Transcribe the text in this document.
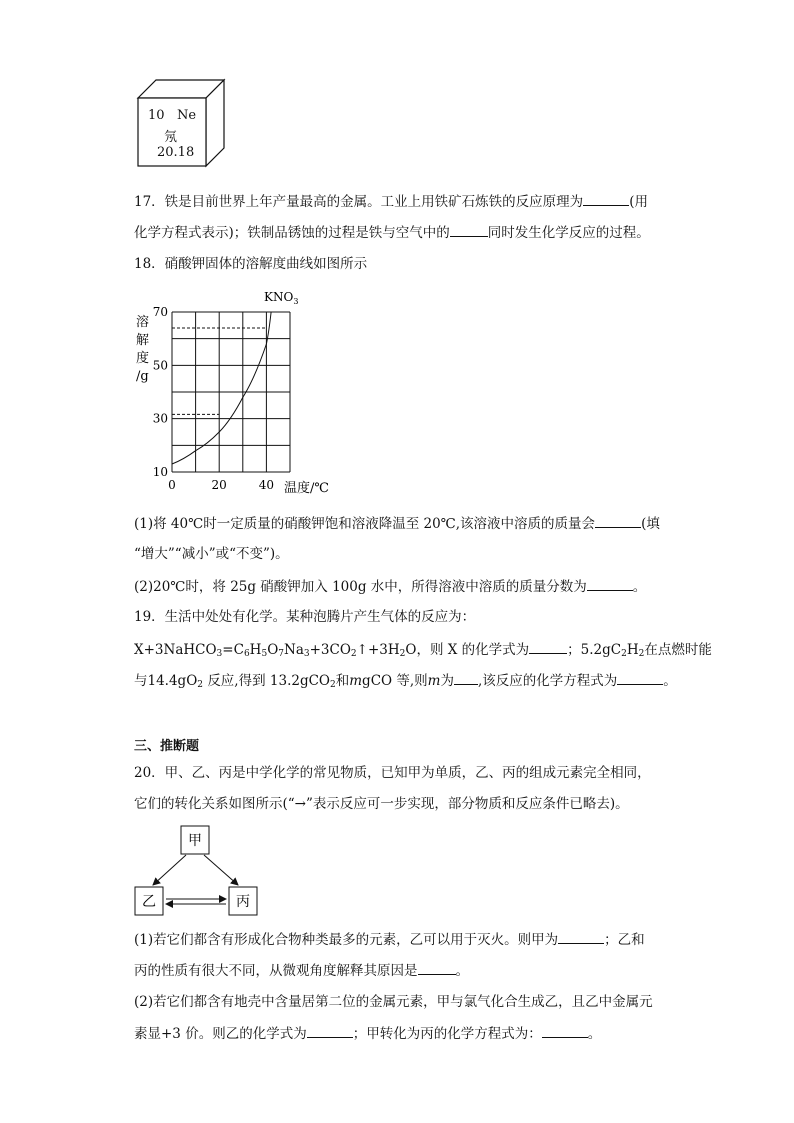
10 Ne
氖
20.18
17．铁是目前世界上年产量最高的金属。工业上用铁矿石炼铁的反应原理为	(用
化学方程式表示)；铁制品锈蚀的过程是铁与空气中的	同时发生化学反应的过程。
18．硝酸钾固体的溶解度曲线如图所示
10
30
50
70
0	20	40
$KNO_3$
溶
解
度
/g
温度/℃
(1)将 40℃时一定质量的硝酸钾饱和溶液降温至 20℃,该溶液中溶质的质量会	(填
“增大”“减小”或“不变”)。
(2)20℃时，将 25g 硝酸钾加入 100g 水中，所得溶液中溶质的质量分数为	。
19．生活中处处有化学。某种泡腾片产生气体的反应为：
$X+3NaHCO_3=C_6H_5O_7Na_3+3CO_2↑+3H_2O$，则 X 的化学式为	；$5.2gC_2H_2$在点燃时能
与$14.4gO_2$ 反应,得到 13.2gCO$_2$和mgCO 等,则m为 ,该反应的化学方程式为	。
三、推断题
20．甲、乙、丙是中学化学的常见物质，已知甲为单质，乙、丙的组成元素完全相同，
它们的转化关系如图所示(“→”表示反应可一步实现，部分物质和反应条件已略去)。
甲
乙	丙
(1)若它们都含有形成化合物种类最多的元素，乙可以用于灭火。则甲为	；乙和
丙的性质有很大不同，从微观角度解释其原因是	。
(2)若它们都含有地壳中含量居第二位的金属元素，甲与氯气化合生成乙，且乙中金属元
素显+3 价。则乙的化学式为	；甲转化为丙的化学方程式为：	。
